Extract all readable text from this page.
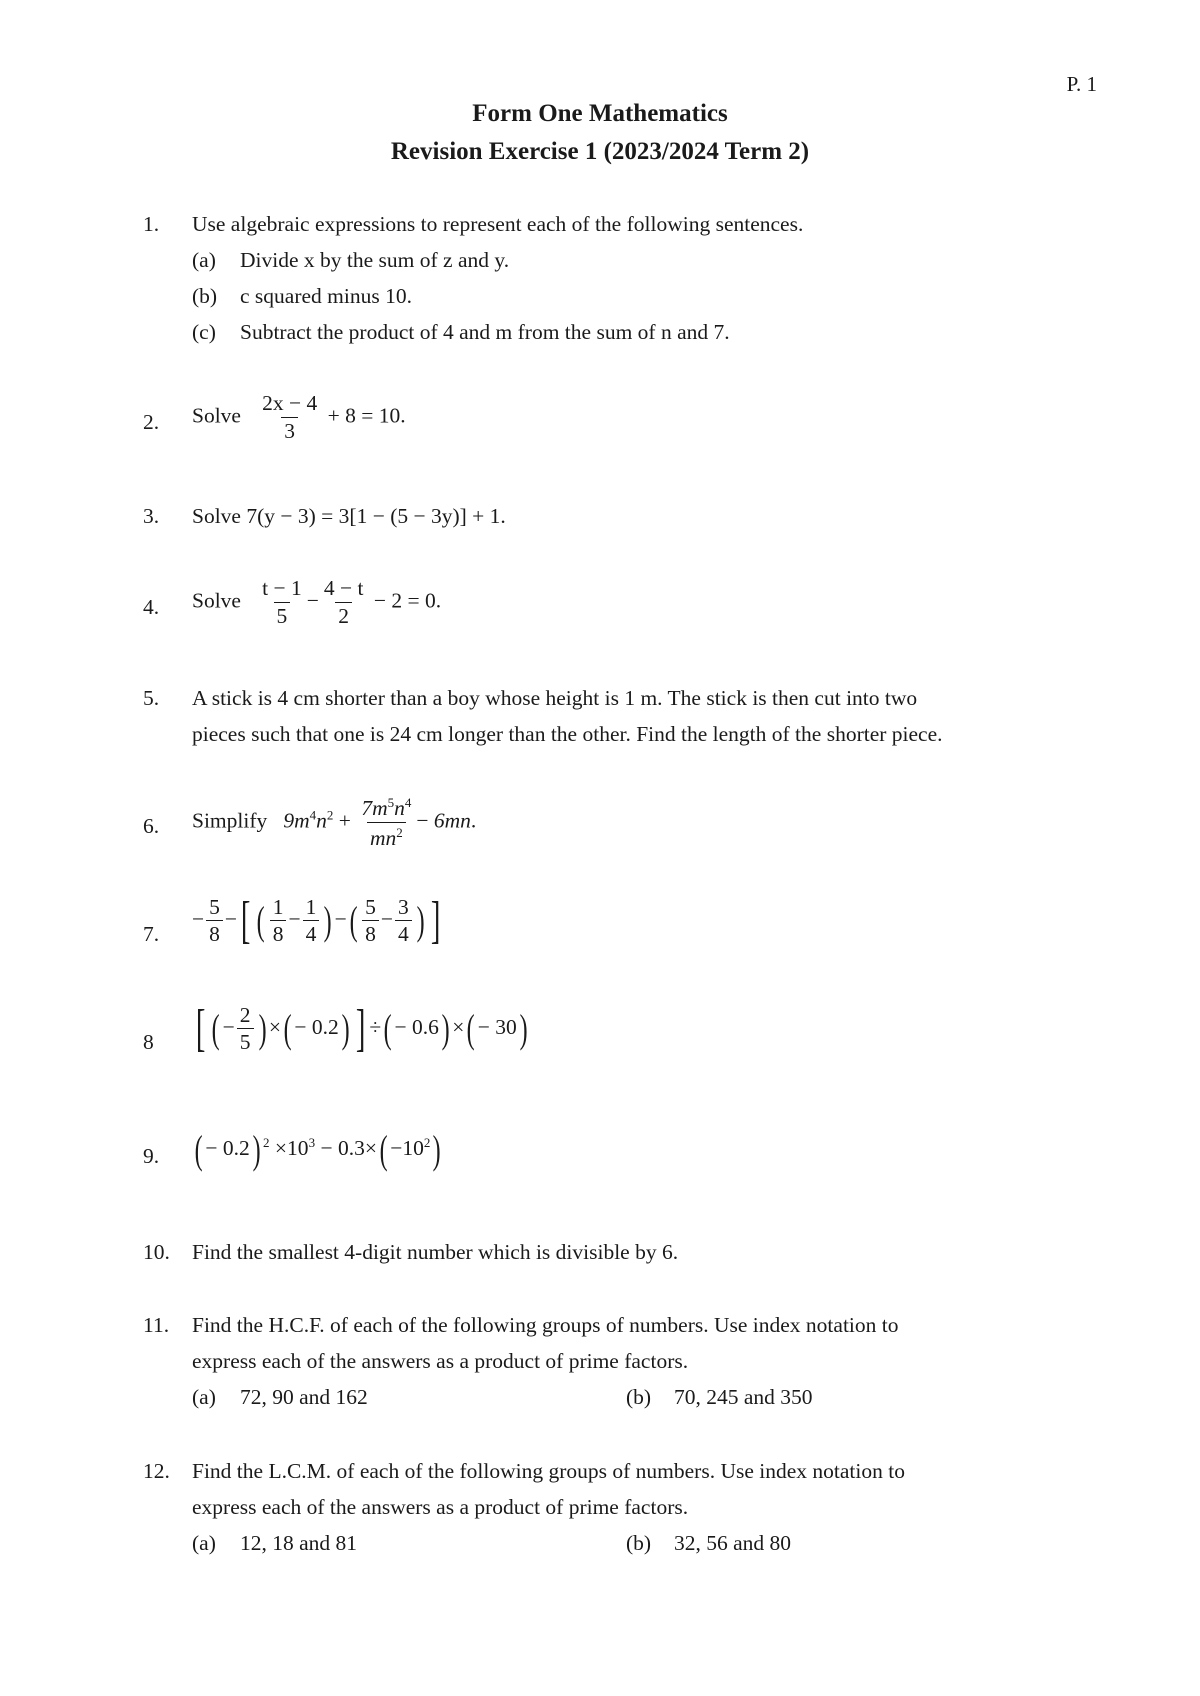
P. 1
Form One Mathematics
Revision Exercise 1 (2023/2024 Term 2)
1. Use algebraic expressions to represent each of the following sentences.
(a) Divide x by the sum of z and y.
(b) c squared minus 10.
(c) Subtract the product of 4 and m from the sum of n and 7.
2. Solve $\frac{2x - 4}{3} + 8 = 10$.
3. Solve 7(y − 3) = 3[1 − (5 − 3y)] + 1.
4. Solve $\frac{t - 1}{5} - \frac{4 - t}{2} - 2 = 0$.
5. A stick is 4 cm shorter than a boy whose height is 1 m. The stick is then cut into two
pieces such that one is 24 cm longer than the other. Find the length of the shorter piece.
6. Simplify $9m^4n^2 + \frac{7m^5n^4}{mn^2} - 6mn$.
7.
− $\frac{5}{8}$ −[ ( $\frac{1}{8} - \frac{1}{4}$ ) −( $\frac{5}{8} - \frac{3}{4}$ ) ]
8 [ ( − $\frac{2}{5}$ ) ×( − 0.2) ] ÷( − 0.6) ×( − 30)
9. ( − 0.2) $^2 \times 10^3 - 0.3\times( -10^2)$
10. Find the smallest 4-digit number which is divisible by 6.
11. Find the H.C.F. of each of the following groups of numbers. Use index notation to
express each of the answers as a product of prime factors.
(a) 72, 90 and 162	(b) 70, 245 and 350
12. Find the L.C.M. of each of the following groups of numbers. Use index notation to
express each of the answers as a product of prime factors.
(a) 12, 18 and 81	(b) 32, 56 and 80
